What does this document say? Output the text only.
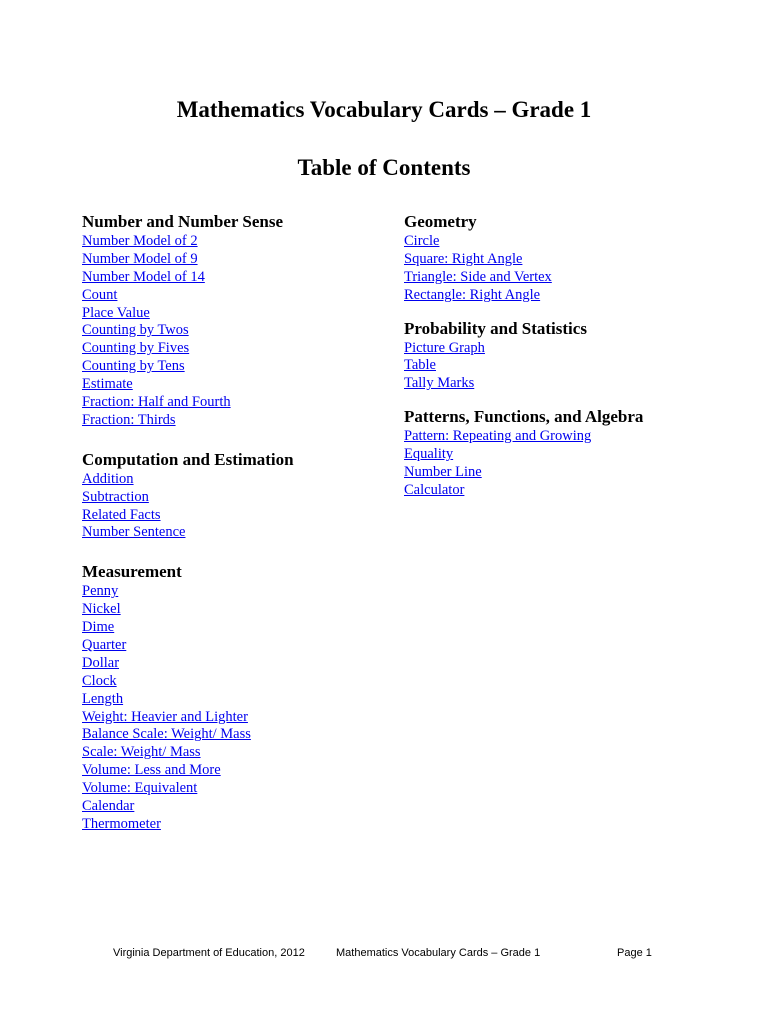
Mathematics Vocabulary Cards – Grade 1
Table of Contents
Number and Number Sense
Number Model of 2
Number Model of 9
Number Model of 14
Count
Place Value
Counting by Twos
Counting by Fives
Counting by Tens
Estimate
Fraction: Half and Fourth
Fraction: Thirds
Computation and Estimation
Addition
Subtraction
Related Facts
Number Sentence
Measurement
Penny
Nickel
Dime
Quarter
Dollar
Clock
Length
Weight: Heavier and Lighter
Balance Scale: Weight/ Mass
Scale: Weight/ Mass
Volume: Less and More
Volume: Equivalent
Calendar
Thermometer
Geometry
Circle
Square: Right Angle
Triangle: Side and Vertex
Rectangle: Right Angle
Probability and Statistics
Picture Graph
Table
Tally Marks
Patterns, Functions, and Algebra
Pattern: Repeating and Growing
Equality
Number Line
Calculator
Virginia Department of Education, 2012	Mathematics Vocabulary Cards – Grade 1	Page 1
